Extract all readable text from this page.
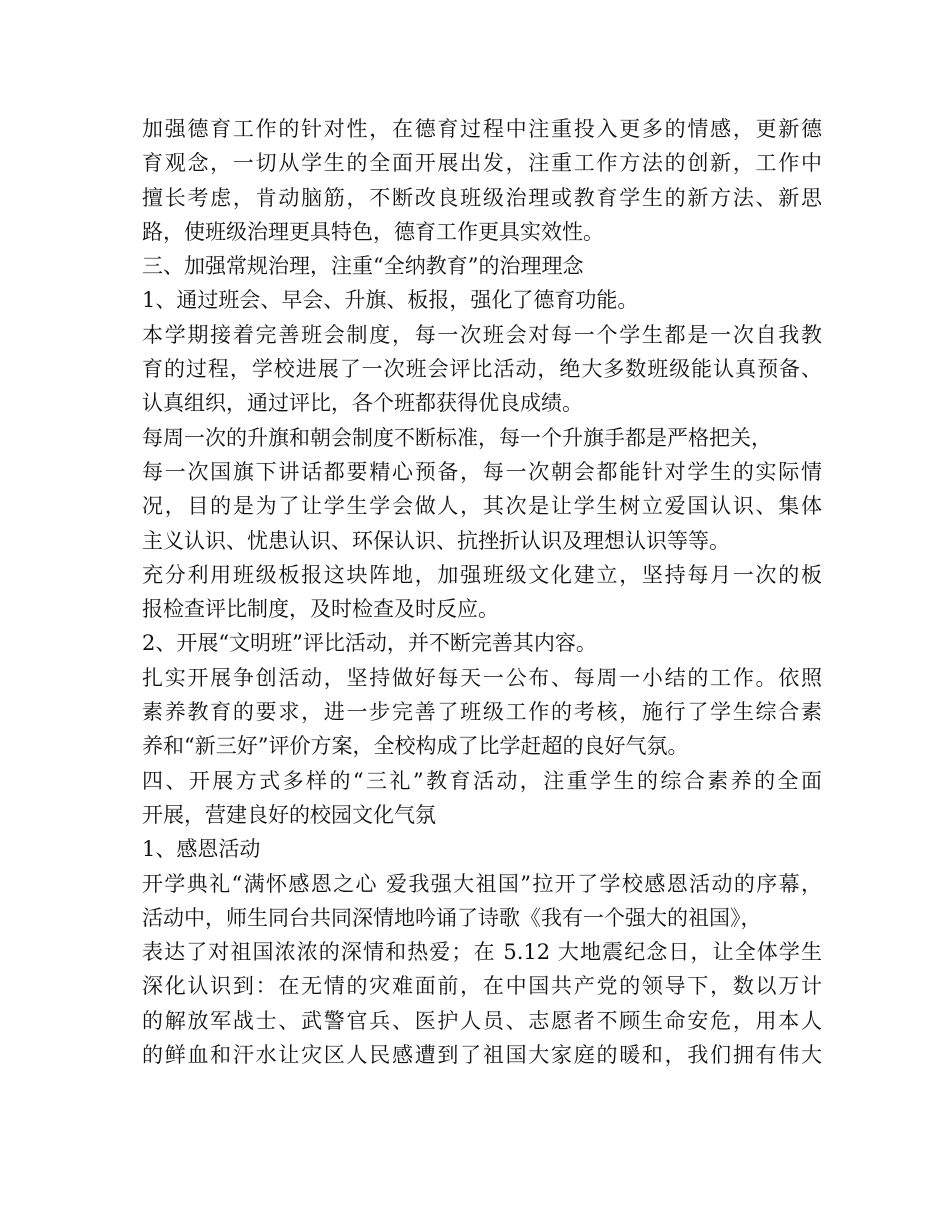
加强德育工作的针对性，在德育过程中注重投入更多的情感，更新德
育观念，一切从学生的全面开展出发，注重工作方法的创新，工作中
擅长考虑，肯动脑筋，不断改良班级治理或教育学生的新方法、新思
路，使班级治理更具特色，德育工作更具实效性。
三、加强常规治理，注重“全纳教育”的治理理念
1、通过班会、早会、升旗、板报，强化了德育功能。
本学期接着完善班会制度，每一次班会对每一个学生都是一次自我教
育的过程，学校进展了一次班会评比活动，绝大多数班级能认真预备、
认真组织，通过评比，各个班都获得优良成绩。
每周一次的升旗和朝会制度不断标准，每一个升旗手都是严格把关，
每一次国旗下讲话都要精心预备，每一次朝会都能针对学生的实际情
况，目的是为了让学生学会做人，其次是让学生树立爱国认识、集体
主义认识、忧患认识、环保认识、抗挫折认识及理想认识等等。
充分利用班级板报这块阵地，加强班级文化建立，坚持每月一次的板
报检查评比制度，及时检查及时反应。
2、开展“文明班”评比活动，并不断完善其内容。
扎实开展争创活动，坚持做好每天一公布、每周一小结的工作。依照
素养教育的要求，进一步完善了班级工作的考核，施行了学生综合素
养和“新三好”评价方案，全校构成了比学赶超的良好气氛。
四、开展方式多样的“三礼”教育活动，注重学生的综合素养的全面
开展，营建良好的校园文化气氛
1、感恩活动
开学典礼“满怀感恩之心 爱我强大祖国”拉开了学校感恩活动的序幕，
活动中，师生同台共同深情地吟诵了诗歌《我有一个强大的祖国》，
表达了对祖国浓浓的深情和热爱；在 5.12 大地震纪念日，让全体学生
深化认识到：在无情的灾难面前，在中国共产党的领导下，数以万计
的解放军战士、武警官兵、医护人员、志愿者不顾生命安危，用本人
的鲜血和汗水让灾区人民感遭到了祖国大家庭的暖和，我们拥有伟大
